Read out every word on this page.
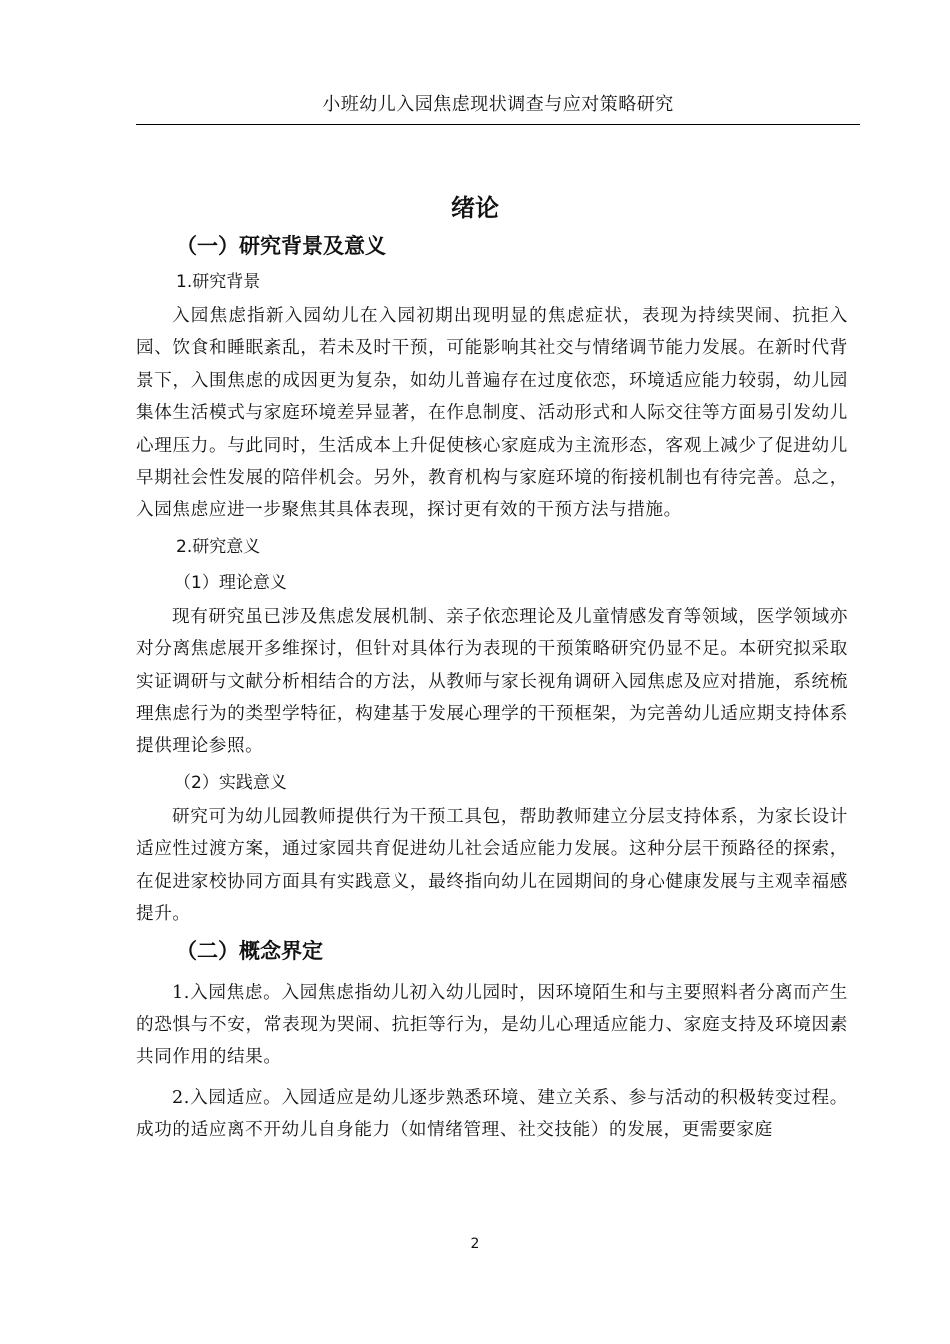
小班幼儿入园焦虑现状调查与应对策略研究
绪论
（一）研究背景及意义
1.研究背景

入园焦虑指新入园幼儿在入园初期出现明显的焦虑症状，表现为持续哭闹、抗拒入园、饮食和睡眠紊乱，若未及时干预，可能影响其社交与情绪调节能力发展。在新时代背景下，入围焦虑的成因更为复杂，如幼儿普遍存在过度依恋，环境适应能力较弱，幼儿园集体生活模式与家庭环境差异显著，在作息制度、活动形式和人际交往等方面易引发幼儿心理压力。与此同时，生活成本上升促使核心家庭成为主流形态，客观上减少了促进幼儿早期社会性发展的陪伴机会。另外，教育机构与家庭环境的衔接机制也有待完善。总之，入园焦虑应进一步聚焦其具体表现，探讨更有效的干预方法与措施。

2.研究意义
（1）理论意义

现有研究虽已涉及焦虑发展机制、亲子依恋理论及儿童情感发育等领域，医学领域亦对分离焦虑展开多维探讨，但针对具体行为表现的干预策略研究仍显不足。本研究拟采取实证调研与文献分析相结合的方法，从教师与家长视角调研入园焦虑及应对措施，系统梳理焦虑行为的类型学特征，构建基于发展心理学的干预框架，为完善幼儿适应期支持体系提供理论参照。

（2）实践意义

研究可为幼儿园教师提供行为干预工具包，帮助教师建立分层支持体系，为家长设计适应性过渡方案，通过家园共育促进幼儿社会适应能力发展。这种分层干预路径的探索，在促进家校协同方面具有实践意义，最终指向幼儿在园期间的身心健康发展与主观幸福感提升。

（二）概念界定

1.入园焦虑。入园焦虑指幼儿初入幼儿园时，因环境陌生和与主要照料者分离而产生的恐惧与不安，常表现为哭闹、抗拒等行为，是幼儿心理适应能力、家庭支持及环境因素共同作用的结果。

2.入园适应。入园适应是幼儿逐步熟悉环境、建立关系、参与活动的积极转变过程。成功的适应离不开幼儿自身能力（如情绪管理、社交技能）的发展，更需要家庭

2
